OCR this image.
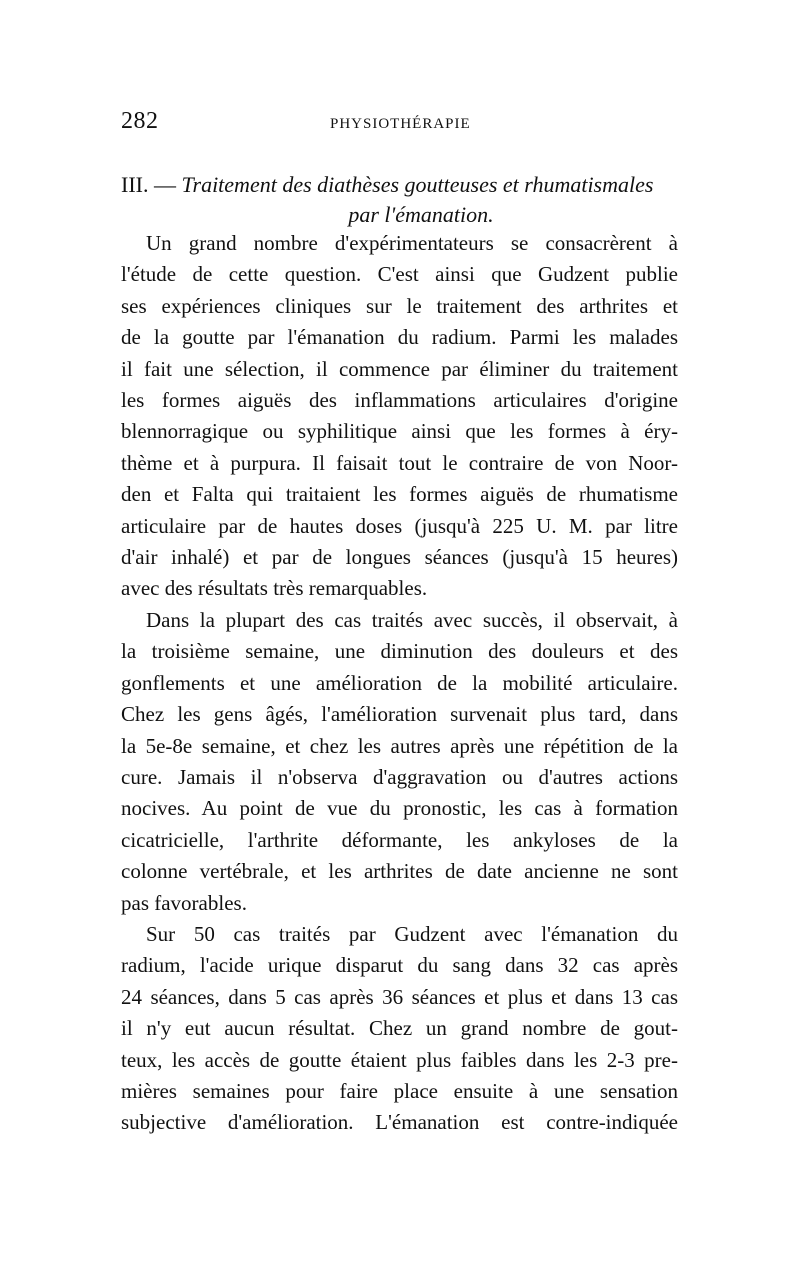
282	PHYSIOTHÉRAPIE
III. — Traitement des diathèses goutteuses et rhumatismales
par l'émanation.
Un grand nombre d'expérimentateurs se consacrèrent à
l'étude de cette question. C'est ainsi que Gudzent publie
ses expériences cliniques sur le traitement des arthrites et
de la goutte par l'émanation du radium. Parmi les malades
il fait une sélection, il commence par éliminer du traitement
les formes aiguës des inflammations articulaires d'origine
blennorragique ou syphilitique ainsi que les formes à éry-
thème et à purpura. Il faisait tout le contraire de von Noor-
den et Falta qui traitaient les formes aiguës de rhumatisme
articulaire par de hautes doses (jusqu'à 225 U. M. par litre
d'air inhalé) et par de longues séances (jusqu'à 15 heures)
avec des résultats très remarquables.
Dans la plupart des cas traités avec succès, il observait, à
la troisième semaine, une diminution des douleurs et des
gonflements et une amélioration de la mobilité articulaire.
Chez les gens âgés, l'amélioration survenait plus tard, dans
la 5e-8e semaine, et chez les autres après une répétition de la
cure. Jamais il n'observa d'aggravation ou d'autres actions
nocives. Au point de vue du pronostic, les cas à formation
cicatricielle, l'arthrite déformante, les ankyloses de la
colonne vertébrale, et les arthrites de date ancienne ne sont
pas favorables.
Sur 50 cas traités par Gudzent avec l'émanation du
radium, l'acide urique disparut du sang dans 32 cas après
24 séances, dans 5 cas après 36 séances et plus et dans 13 cas
il n'y eut aucun résultat. Chez un grand nombre de gout-
teux, les accès de goutte étaient plus faibles dans les 2-3 pre-
mières semaines pour faire place ensuite à une sensation
subjective d'amélioration. L'émanation est contre-indiquée
